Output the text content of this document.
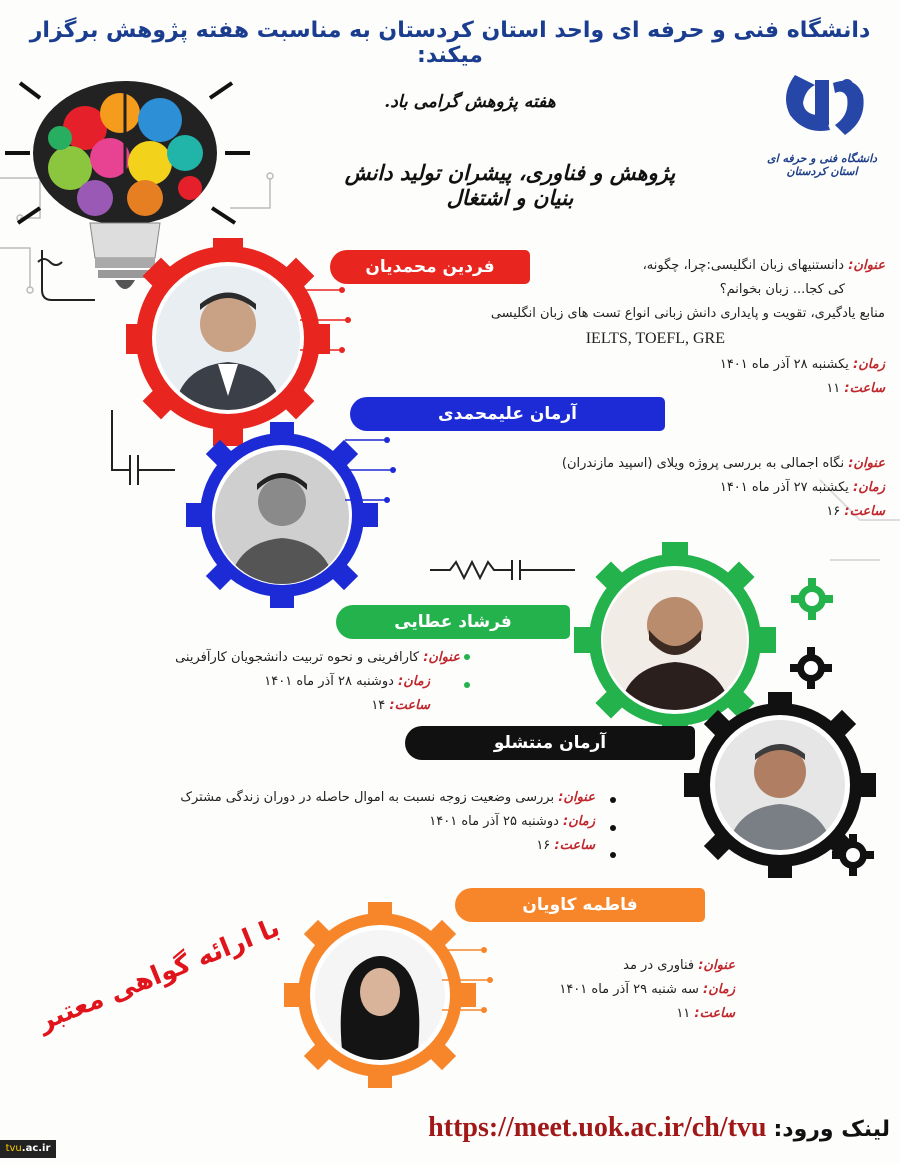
دانشگاه فنی و حرفه ای واحد استان کردستان به مناسبت هفته پژوهش برگزار میکند:
دانشگاه فنی و حرفه ای استان کردستان
هفته پژوهش گرامی باد.
پژوهش و فناوری، پیشران تولید دانش بنیان و اشتغال
فردین محمدیان	عنوان: دانستنیهای زبان انگلیسی:چرا، چگونه،
کی کجا... زبان بخوانم؟
منابع یادگیری، تقویت و پایداری دانش زبانی انواع تست های زبان انگلیسی
IELTS, TOEFL, GRE
زمان: یکشنبه ۲۸ آذر ماه ۱۴۰۱
ساعت: ۱۱
آرمان علیمحمدی
عنوان: نگاه اجمالی به بررسی پروژه ویلای (اسپید مازندران)
زمان: یکشنبه ۲۷ آذر ماه ۱۴۰۱
ساعت: ۱۶
فرشاد عطایی
عنوان: کارافرینی و نحوه تربیت دانشجویان کارآفرینی
زمان: دوشنبه ۲۸ آذر ماه ۱۴۰۱
ساعت: ۱۴
آرمان منتشلو
عنوان: بررسی وضعیت زوجه نسبت به اموال حاصله در دوران زندگی مشترک
زمان: دوشنبه ۲۵ آذر ماه ۱۴۰۱
ساعت: ۱۶
فاطمه کاویان
عنوان: فناوری در مد
زمان: سه شنبه ۲۹ آذر ماه ۱۴۰۱
ساعت: ۱۱
با ارائه گواهی معتبر
لینک ورود: https://meet.uok.ac.ir/ch/tvu
tvu.ac.ir
